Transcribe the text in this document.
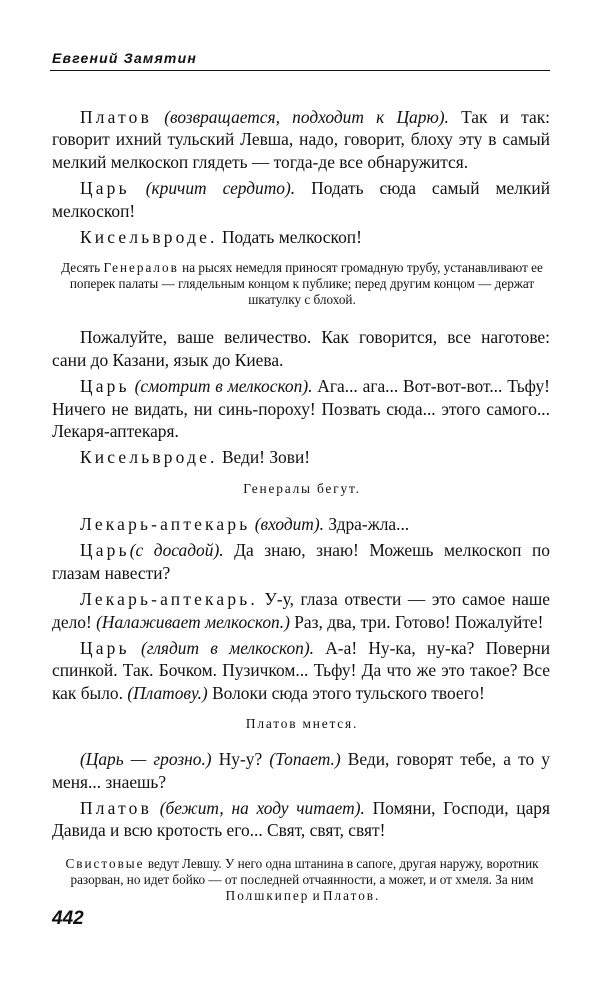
Евгений Замятин

Платов (возвращается, подходит к Царю). Так и так: говорит ихний тульский Левша, надо, говорит, блоху эту в самый мелкий мелкоскоп глядеть — тогда-де все обнаружится.

Царь (кричит сердито). Подать сюда самый мелкий мелкоскоп!

Кисельвроде. Подать мелкоскоп!

Десять Генералов на рысях немедля приносят громадную трубу, устанавливают ее поперек палаты — глядельным концом к публике; перед другим концом — держат шкатулку с блохой.

Пожалуйте, ваше величество. Как говорится, все наготове: сани до Казани, язык до Киева.

Царь (смотрит в мелкоскоп). Ага... ага... Вот-вот-вот... Тьфу! Ничего не видать, ни синь-пороху! Позвать сюда... этого самого... Лекаря-аптекаря.

Кисельвроде. Веди! Зови!

Генералы бегут.

Лекарь-аптекарь (входит). Здра-жла...

Царь(с досадой). Да знаю, знаю! Можешь мелкоскоп по глазам навести?

Лекарь-аптекарь. У-у, глаза отвести — это самое наше дело! (Налаживает мелкоскоп.) Раз, два, три. Готово! Пожалуйте!

Царь (глядит в мелкоскоп). А-а! Ну-ка, ну-ка? Поверни спинкой. Так. Бочком. Пузичком... Тьфу! Да что же это такое? Все как было. (Платову.) Волоки сюда этого тульского твоего!

Платов мнется.

(Царь — грозно.) Ну-у? (Топает.) Веди, говорят тебе, а то у меня... знаешь?

Платов (бежит, на ходу читает). Помяни, Господи, царя Давида и всю кротость его... Свят, свят, свят!

Свистовые ведут Левшу. У него одна штанина в сапоге, другая наружу, воротник разорван, но идет бойко — от последней отчаянности, а может, и от хмеля. За ним Полшкипер и Платов.
442
